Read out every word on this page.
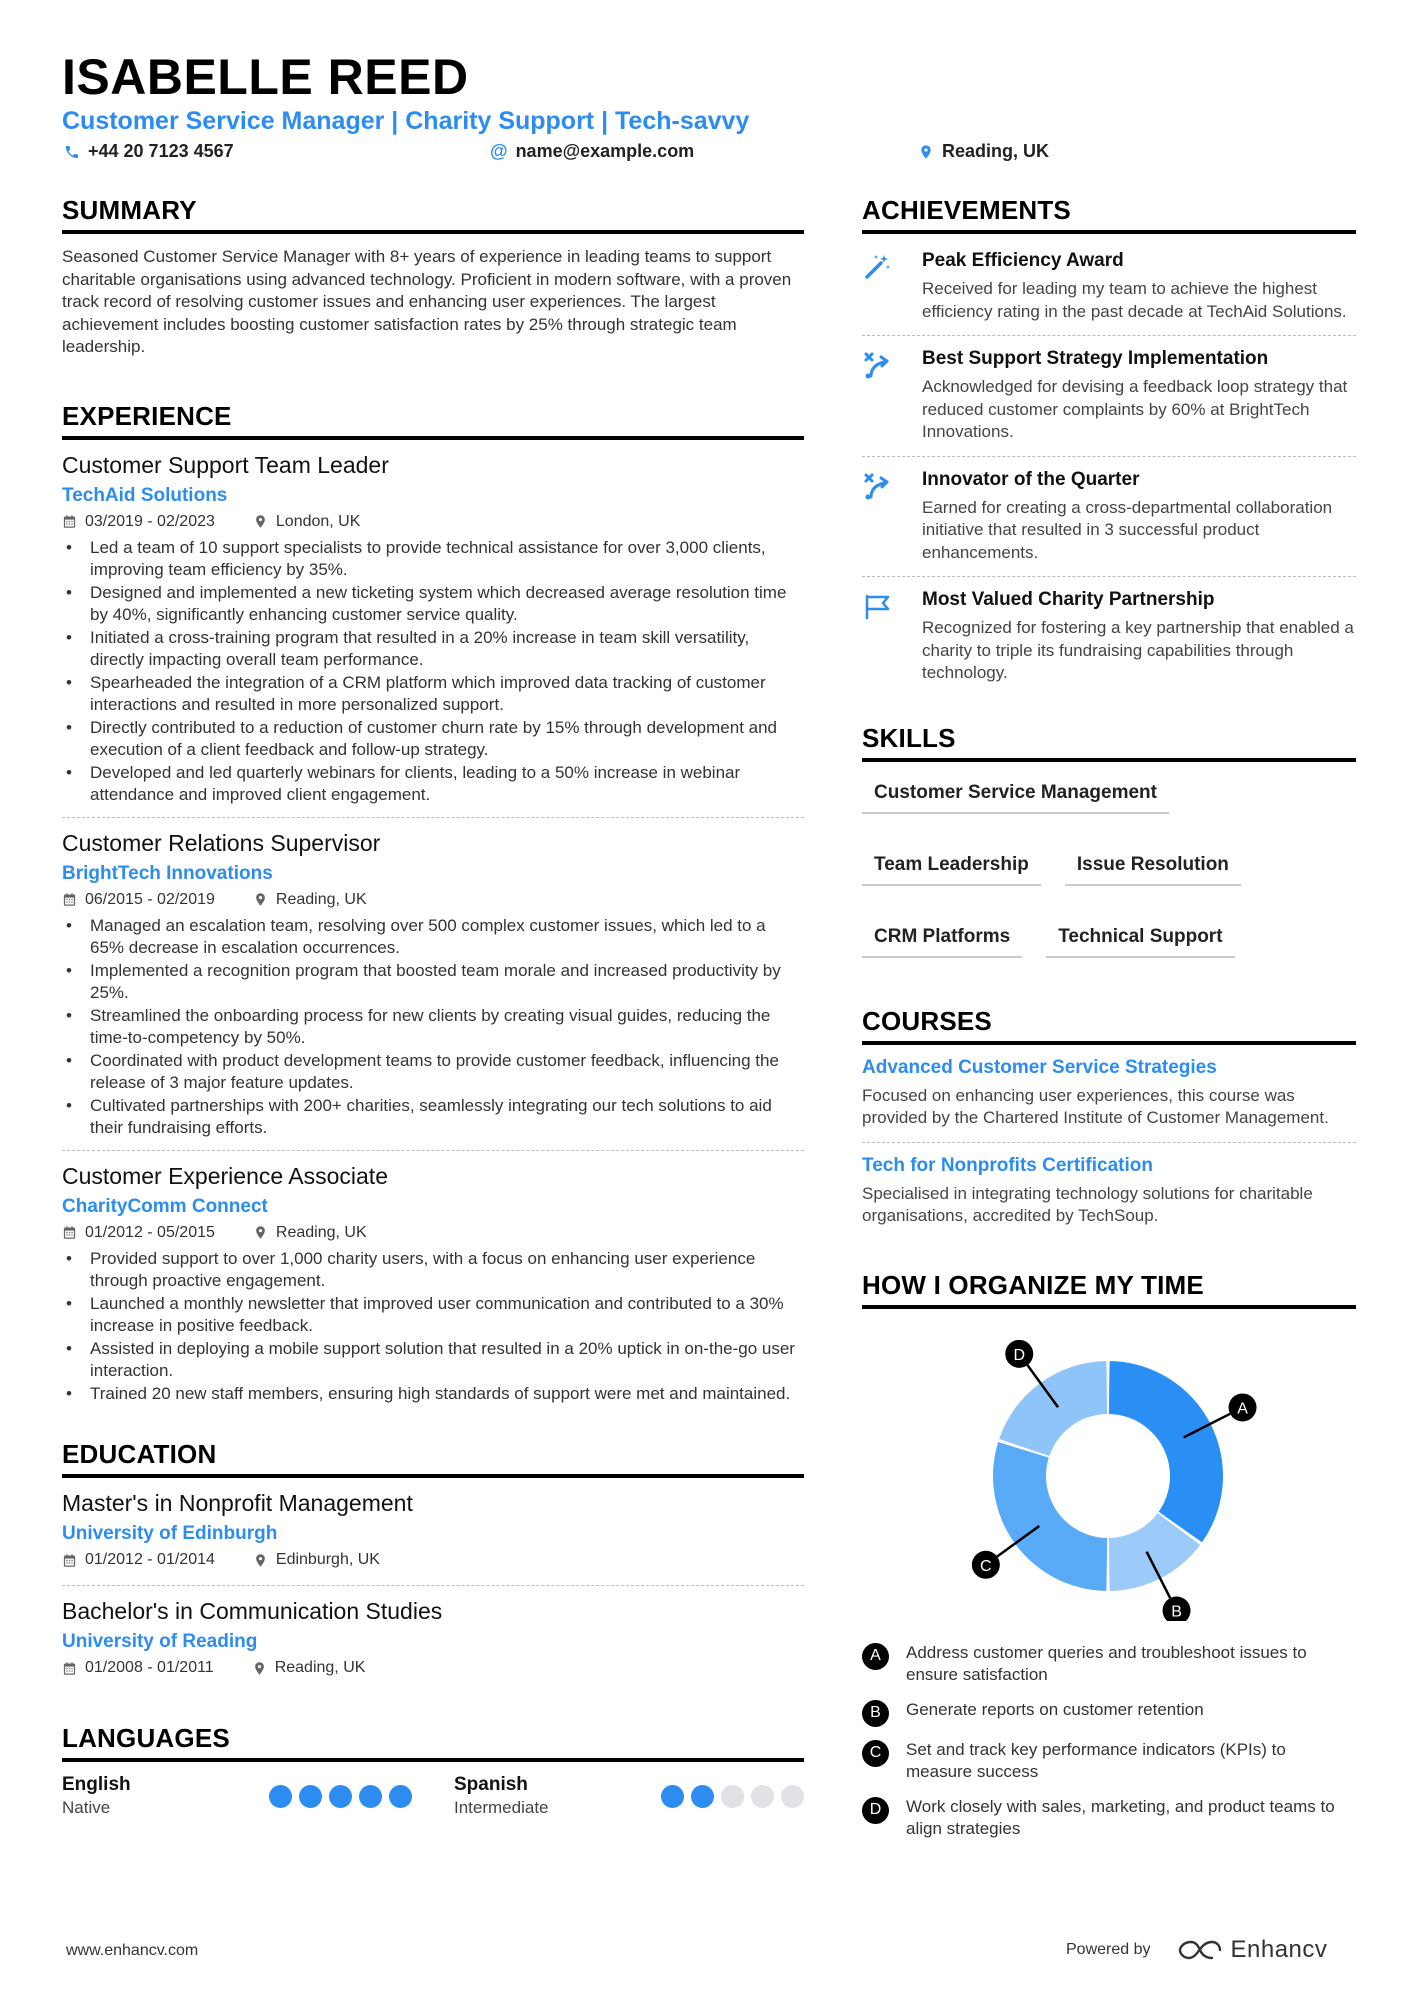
ISABELLE REED
Customer Service Manager | Charity Support | Tech-savvy
+44 20 7123 4567	@ name@example.com	Reading, UK
SUMMARY
Seasoned Customer Service Manager with 8+ years of experience in leading teams to support charitable organisations using advanced technology. Proficient in modern software, with a proven track record of resolving customer issues and enhancing user experiences. The largest achievement includes boosting customer satisfaction rates by 25% through strategic team leadership.
EXPERIENCE
Customer Support Team Leader
TechAid Solutions
03/2019 - 02/2023	London, UK
• Led a team of 10 support specialists to provide technical assistance for over 3,000 clients, improving team efficiency by 35%.
• Designed and implemented a new ticketing system which decreased average resolution time by 40%, significantly enhancing customer service quality.
• Initiated a cross-training program that resulted in a 20% increase in team skill versatility, directly impacting overall team performance.
• Spearheaded the integration of a CRM platform which improved data tracking of customer interactions and resulted in more personalized support.
• Directly contributed to a reduction of customer churn rate by 15% through development and execution of a client feedback and follow-up strategy.
• Developed and led quarterly webinars for clients, leading to a 50% increase in webinar attendance and improved client engagement.
Customer Relations Supervisor
BrightTech Innovations
06/2015 - 02/2019	Reading, UK
• Managed an escalation team, resolving over 500 complex customer issues, which led to a 65% decrease in escalation occurrences.
• Implemented a recognition program that boosted team morale and increased productivity by 25%.
• Streamlined the onboarding process for new clients by creating visual guides, reducing the time-to-competency by 50%.
• Coordinated with product development teams to provide customer feedback, influencing the release of 3 major feature updates.
• Cultivated partnerships with 200+ charities, seamlessly integrating our tech solutions to aid their fundraising efforts.
Customer Experience Associate
CharityComm Connect
01/2012 - 05/2015	Reading, UK
• Provided support to over 1,000 charity users, with a focus on enhancing user experience through proactive engagement.
• Launched a monthly newsletter that improved user communication and contributed to a 30% increase in positive feedback.
• Assisted in deploying a mobile support solution that resulted in a 20% uptick in on-the-go user interaction.
• Trained 20 new staff members, ensuring high standards of support were met and maintained.
EDUCATION
Master's in Nonprofit Management
University of Edinburgh
01/2012 - 01/2014	Edinburgh, UK
Bachelor's in Communication Studies
University of Reading
01/2008 - 01/2011	Reading, UK
LANGUAGES
English
Native
Spanish
Intermediate
ACHIEVEMENTS
Peak Efficiency Award
Received for leading my team to achieve the highest efficiency rating in the past decade at TechAid Solutions.
Best Support Strategy Implementation
Acknowledged for devising a feedback loop strategy that reduced customer complaints by 60% at BrightTech Innovations.
Innovator of the Quarter
Earned for creating a cross-departmental collaboration initiative that resulted in 3 successful product enhancements.
Most Valued Charity Partnership
Recognized for fostering a key partnership that enabled a charity to triple its fundraising capabilities through technology.
SKILLS
Customer Service Management
Team Leadership	Issue Resolution
CRM Platforms	Technical Support
COURSES
Advanced Customer Service Strategies
Focused on enhancing user experiences, this course was provided by the Chartered Institute of Customer Management.
Tech for Nonprofits Certification
Specialised in integrating technology solutions for charitable organisations, accredited by TechSoup.
HOW I ORGANIZE MY TIME
A
B
C
D
A	Address customer queries and troubleshoot issues to ensure satisfaction
B	Generate reports on customer retention
C	Set and track key performance indicators (KPIs) to measure success
D	Work closely with sales, marketing, and product teams to align strategies
www.enhancv.com	Powered by	Enhancv
